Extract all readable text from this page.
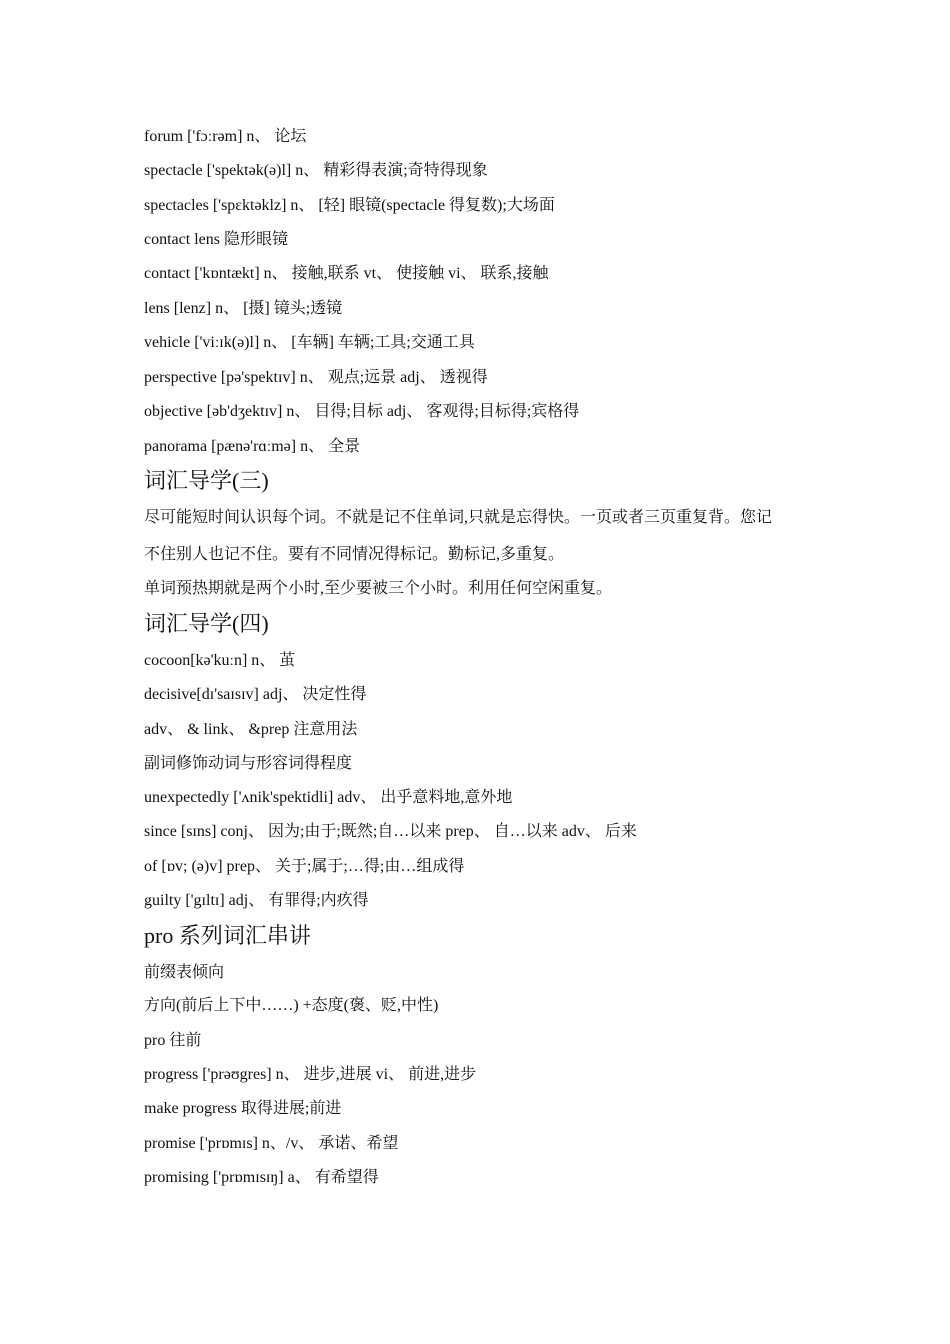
forum ['fɔːrəm] n、 论坛
spectacle ['spektək(ə)l] n、 精彩得表演;奇特得现象
spectacles ['spɛktəklz] n、 [轻] 眼镜(spectacle 得复数);大场面
contact lens 隐形眼镜
contact ['kɒntækt] n、 接触,联系 vt、 使接触 vi、 联系,接触
lens [lenz] n、 [摄] 镜头;透镜
vehicle ['viːɪk(ə)l] n、 [车辆] 车辆;工具;交通工具
perspective [pə'spektɪv] n、 观点;远景 adj、 透视得
objective [əb'dʒektɪv] n、 目得;目标 adj、 客观得;目标得;宾格得
panorama [pænə'rɑːmə] n、 全景
词汇导学(三)
尽可能短时间认识每个词。不就是记不住单词,只就是忘得快。一页或者三页重复背。您记
不住别人也记不住。要有不同情况得标记。勤标记,多重复。
单词预热期就是两个小时,至少要被三个小时。利用任何空闲重复。
词汇导学(四)
cocoon[kə'kuːn] n、 茧
decisive[dɪ'saɪsɪv] adj、 决定性得
adv、 & link、 &prep 注意用法
副词修饰动词与形容词得程度
unexpectedly ['ʌnik'spektidli] adv、 出乎意料地,意外地
since [sɪns] conj、 因为;由于;既然;自…以来 prep、 自…以来 adv、 后来
of [ɒv; (ə)v] prep、 关于;属于;…得;由…组成得
guilty ['gɪltɪ] adj、 有罪得;内疚得
pro 系列词汇串讲
前缀表倾向
方向(前后上下中……) +态度(褒、贬,中性)
pro 往前
progress ['prəʊgres] n、 进步,进展 vi、 前进,进步
make progress 取得进展;前进
promise ['prɒmɪs] n、/v、 承诺、希望
promising ['prɒmɪsɪŋ] a、 有希望得
